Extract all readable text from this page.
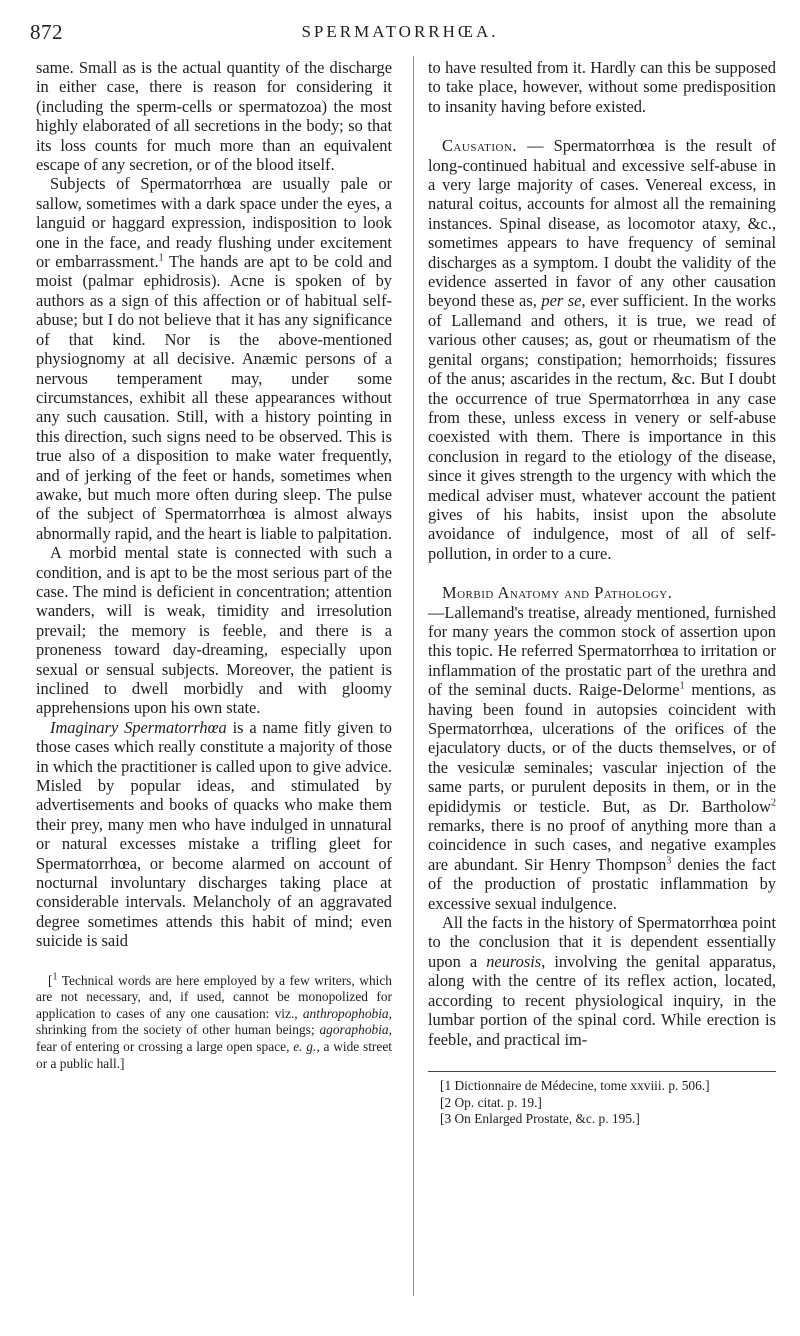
872	SPERMATORRHŒA.

same. Small as is the actual quantity of the discharge in either case, there is reason for considering it (including the sperm-cells or spermatozoa) the most highly elaborated of all secretions in the body; so that its loss counts for much more than an equivalent escape of any secretion, or of the blood itself.

Subjects of Spermatorrhœa are usually pale or sallow, sometimes with a dark space under the eyes, a languid or haggard expression, indisposition to look one in the face, and ready flushing under excitement or embarrassment.$^1$ The hands are apt to be cold and moist (palmar ephidrosis). Acne is spoken of by authors as a sign of this affection or of habitual self-abuse; but I do not believe that it has any significance of that kind. Nor is the above-mentioned physiognomy at all decisive. Anæmic persons of a nervous temperament may, under some circumstances, exhibit all these appearances without any such causation. Still, with a history pointing in this direction, such signs need to be observed. This is true also of a disposition to make water frequently, and of jerking of the feet or hands, sometimes when awake, but much more often during sleep. The pulse of the subject of Spermatorrhœa is almost always abnormally rapid, and the heart is liable to palpitation.

A morbid mental state is connected with such a condition, and is apt to be the most serious part of the case. The mind is deficient in concentration; attention wanders, will is weak, timidity and irresolution prevail; the memory is feeble, and there is a proneness toward day-dreaming, especially upon sexual or sensual subjects. Moreover, the patient is inclined to dwell morbidly and with gloomy apprehensions upon his own state.

Imaginary Spermatorrhœa is a name fitly given to those cases which really constitute a majority of those in which the practitioner is called upon to give advice. Misled by popular ideas, and stimulated by advertisements and books of quacks who make them their prey, many men who have indulged in unnatural or natural excesses mistake a trifling gleet for Spermatorrhœa, or become alarmed on account of nocturnal involuntary discharges taking place at considerable intervals. Melancholy of an aggravated degree sometimes attends this habit of mind; even suicide is said

[$^1$ Technical words are here employed by a few writers, which are not necessary, and, if used, cannot be monopolized for application to cases of any one causation: viz., anthropophobia, shrinking from the society of other human beings; agoraphobia, fear of entering or crossing a large open space, e. g., a wide street or a public hall.]

to have resulted from it. Hardly can this be supposed to take place, however, without some predisposition to insanity having before existed.

Causation. — Spermatorrhœa is the result of long-continued habitual and excessive self-abuse in a very large majority of cases. Venereal excess, in natural coitus, accounts for almost all the remaining instances. Spinal disease, as locomotor ataxy, &c., sometimes appears to have frequency of seminal discharges as a symptom. I doubt the validity of the evidence asserted in favor of any other causation beyond these as, per se, ever sufficient. In the works of Lallemand and others, it is true, we read of various other causes; as, gout or rheumatism of the genital organs; constipation; hemorrhoids; fissures of the anus; ascarides in the rectum, &c. But I doubt the occurrence of true Spermatorrhœa in any case from these, unless excess in venery or self-abuse coexisted with them. There is importance in this conclusion in regard to the etiology of the disease, since it gives strength to the urgency with which the medical adviser must, whatever account the patient gives of his habits, insist upon the absolute avoidance of indulgence, most of all of self-pollution, in order to a cure.

Morbid Anatomy and Pathology.
—Lallemand's treatise, already mentioned, furnished for many years the common stock of assertion upon this topic. He referred Spermatorrhœa to irritation or inflammation of the prostatic part of the urethra and of the seminal ducts. Raige-Delorme$^1$ mentions, as having been found in autopsies coincident with Spermatorrhœa, ulcerations of the orifices of the ejaculatory ducts, or of the ducts themselves, or of the vesiculæ seminales; vascular injection of the same parts, or purulent deposits in them, or in the epididymis or testicle. But, as Dr. Bartholow$^2$ remarks, there is no proof of anything more than a coincidence in such cases, and negative examples are abundant. Sir Henry Thompson$^3$ denies the fact of the production of prostatic inflammation by excessive sexual indulgence.

All the facts in the history of Spermatorrhœa point to the conclusion that it is dependent essentially upon a neurosis, involving the genital apparatus, along with the centre of its reflex action, located, according to recent physiological inquiry, in the lumbar portion of the spinal cord. While erection is feeble, and practical im-

[1 Dictionnaire de Médecine, tome xxviii. p. 506.]

[2 Op. citat. p. 19.]

[3 On Enlarged Prostate, &c. p. 195.]
